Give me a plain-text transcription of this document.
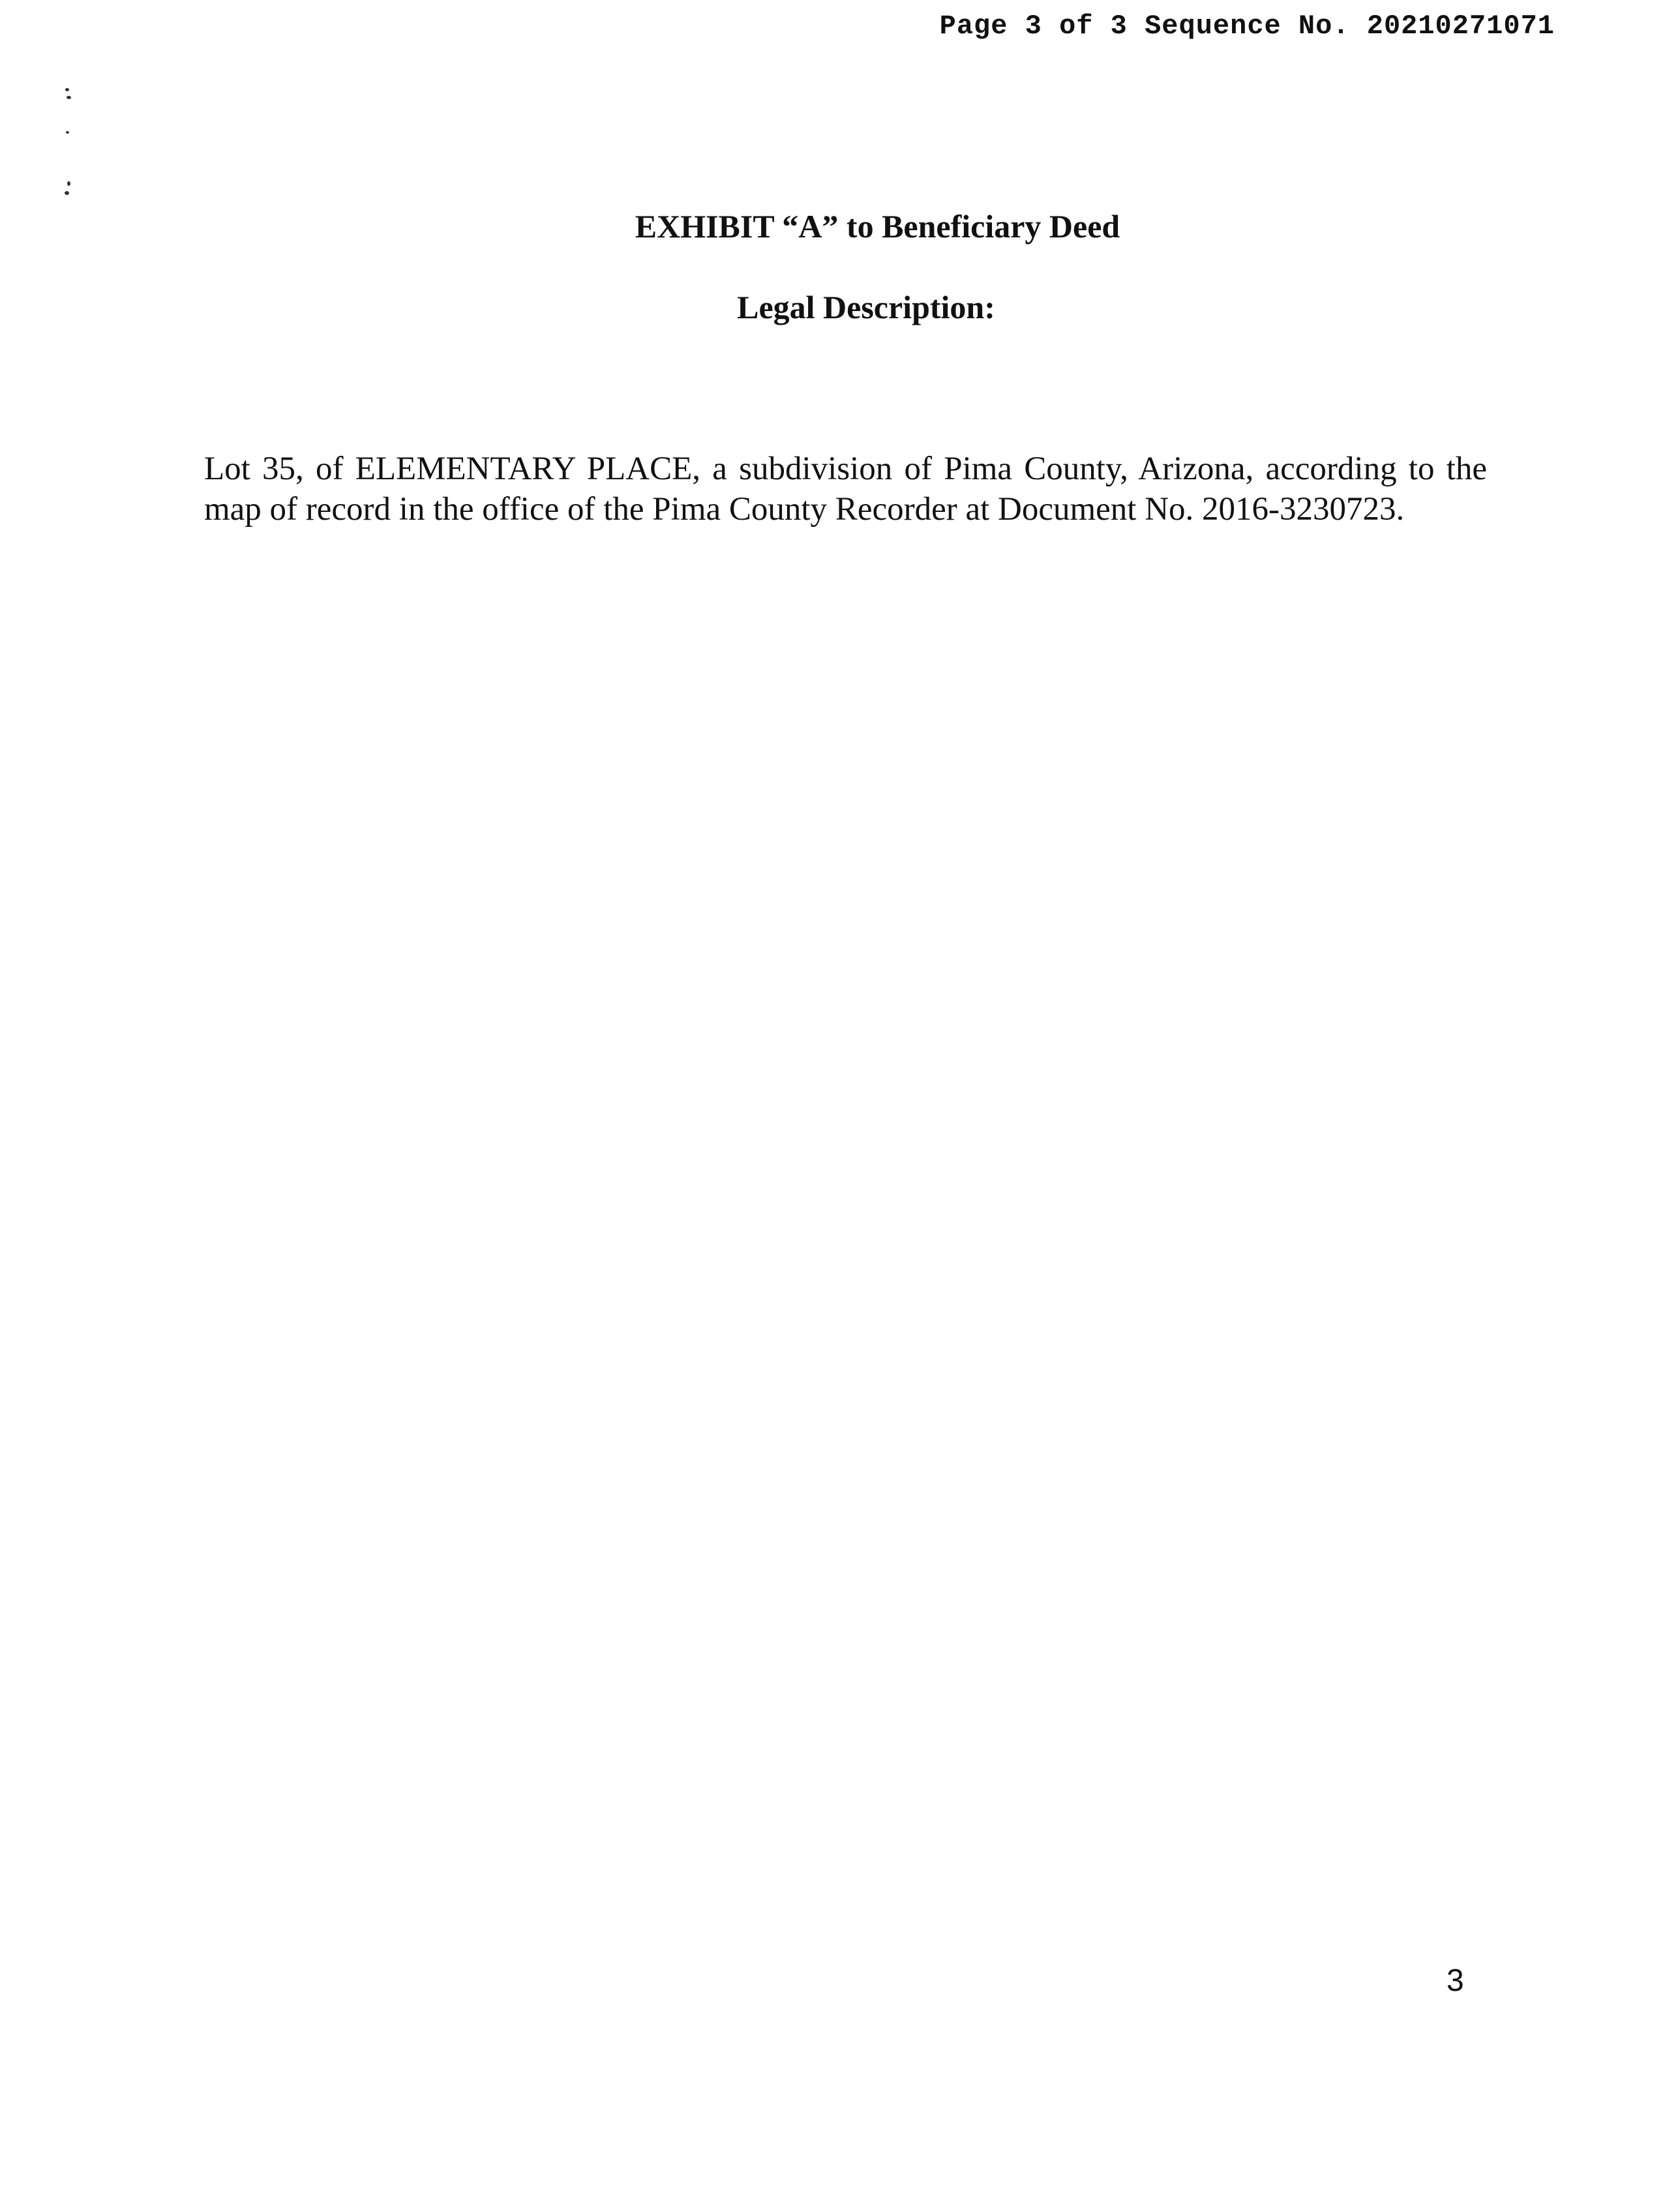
Page 3 of 3 Sequence No. 20210271071
EXHIBIT “A” to Beneficiary Deed
Legal Description:

Lot 35, of ELEMENTARY PLACE, a subdivision of Pima County, Arizona, according to the map of record in the office of the Pima County Recorder at Document No. 2016-3230723.

3
